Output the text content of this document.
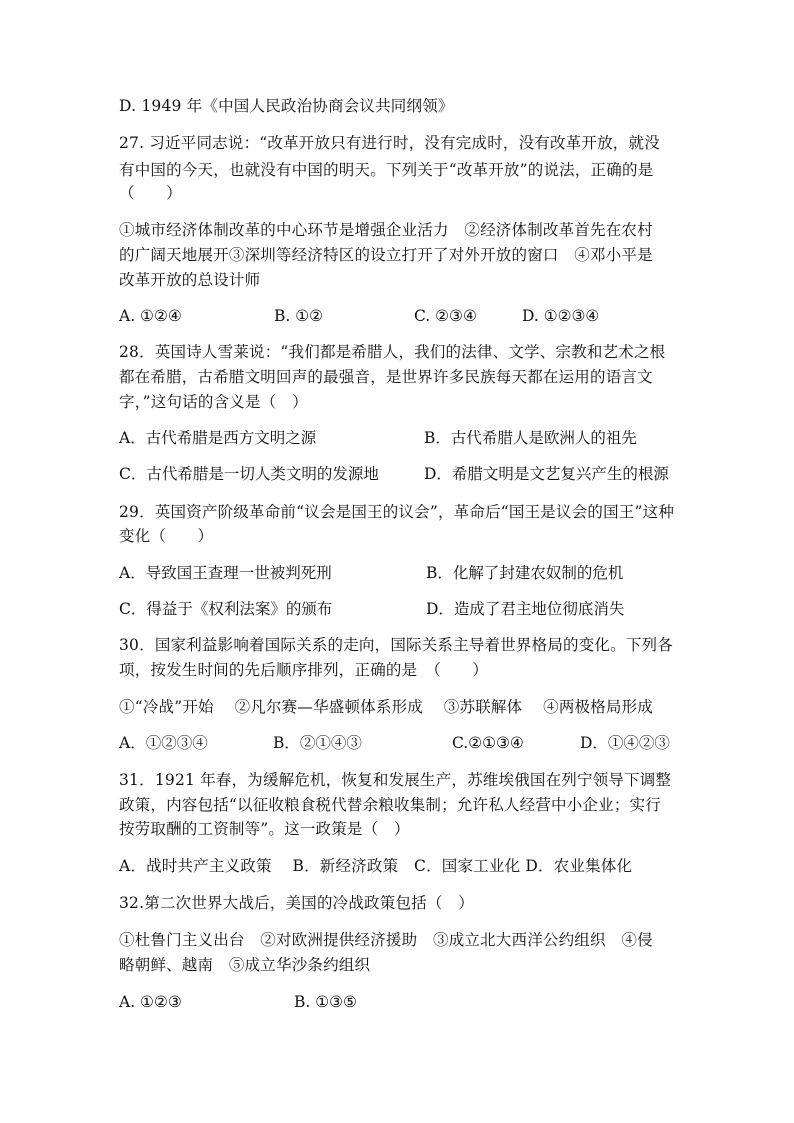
D. 1949 年《中国人民政治协商会议共同纲领》
27. 习近平同志说：“改革开放只有进行时，没有完成时，没有改革开放，就没
有中国的今天，也就没有中国的明天。下列关于“改革开放”的说法，正确的是
（　　）
①城市经济体制改革的中心环节是增强企业活力　②经济体制改革首先在农村
的广阔天地展开③深圳等经济特区的设立打开了对外开放的窗口　④邓小平是
改革开放的总设计师
A. ①②④	B. ①②	C. ②③④	D. ①②③④
28．英国诗人雪莱说：“我们都是希腊人，我们的法律、文学、宗教和艺术之根
都在希腊，古希腊文明回声的最强音，是世界许多民族每天都在运用的语言文
字，”这句话的含义是（　）
A．古代希腊是西方文明之源	B．古代希腊人是欧洲人的祖先
C．古代希腊是一切人类文明的发源地	D．希腊文明是文艺复兴产生的根源
29．英国资产阶级革命前“议会是国王的议会”，革命后“国王是议会的国王”这种
变化（　　）
A．导致国王查理一世被判死刑	B．化解了封建农奴制的危机
C．得益于《权利法案》的颁布	D．造成了君主地位彻底消失
30．国家利益影响着国际关系的走向，国际关系主导着世界格局的变化。下列各
项，按发生时间的先后顺序排列，正确的是　（　　）
①“冷战”开始　 ②凡尔赛—华盛顿体系形成　 ③苏联解体　 ④两极格局形成
A．①②③④	B．②①④③	C.②①③④	D．①④②③
31．1921 年春，为缓解危机，恢复和发展生产，苏维埃俄国在列宁领导下调整
政策，内容包括“以征收粮食税代替余粮收集制；允许私人经营中小企业；实行
按劳取酬的工资制等”。这一政策是（　）
A．战时共产主义政策　 B．新经济政策　C．国家工业化 D．农业集体化
32.第二次世界大战后，美国的冷战政策包括（　）
①杜鲁门主义出台　②对欧洲提供经济援助　③成立北大西洋公约组织　④侵
略朝鲜、越南　⑤成立华沙条约组织
A. ①②③	B. ①③⑤
